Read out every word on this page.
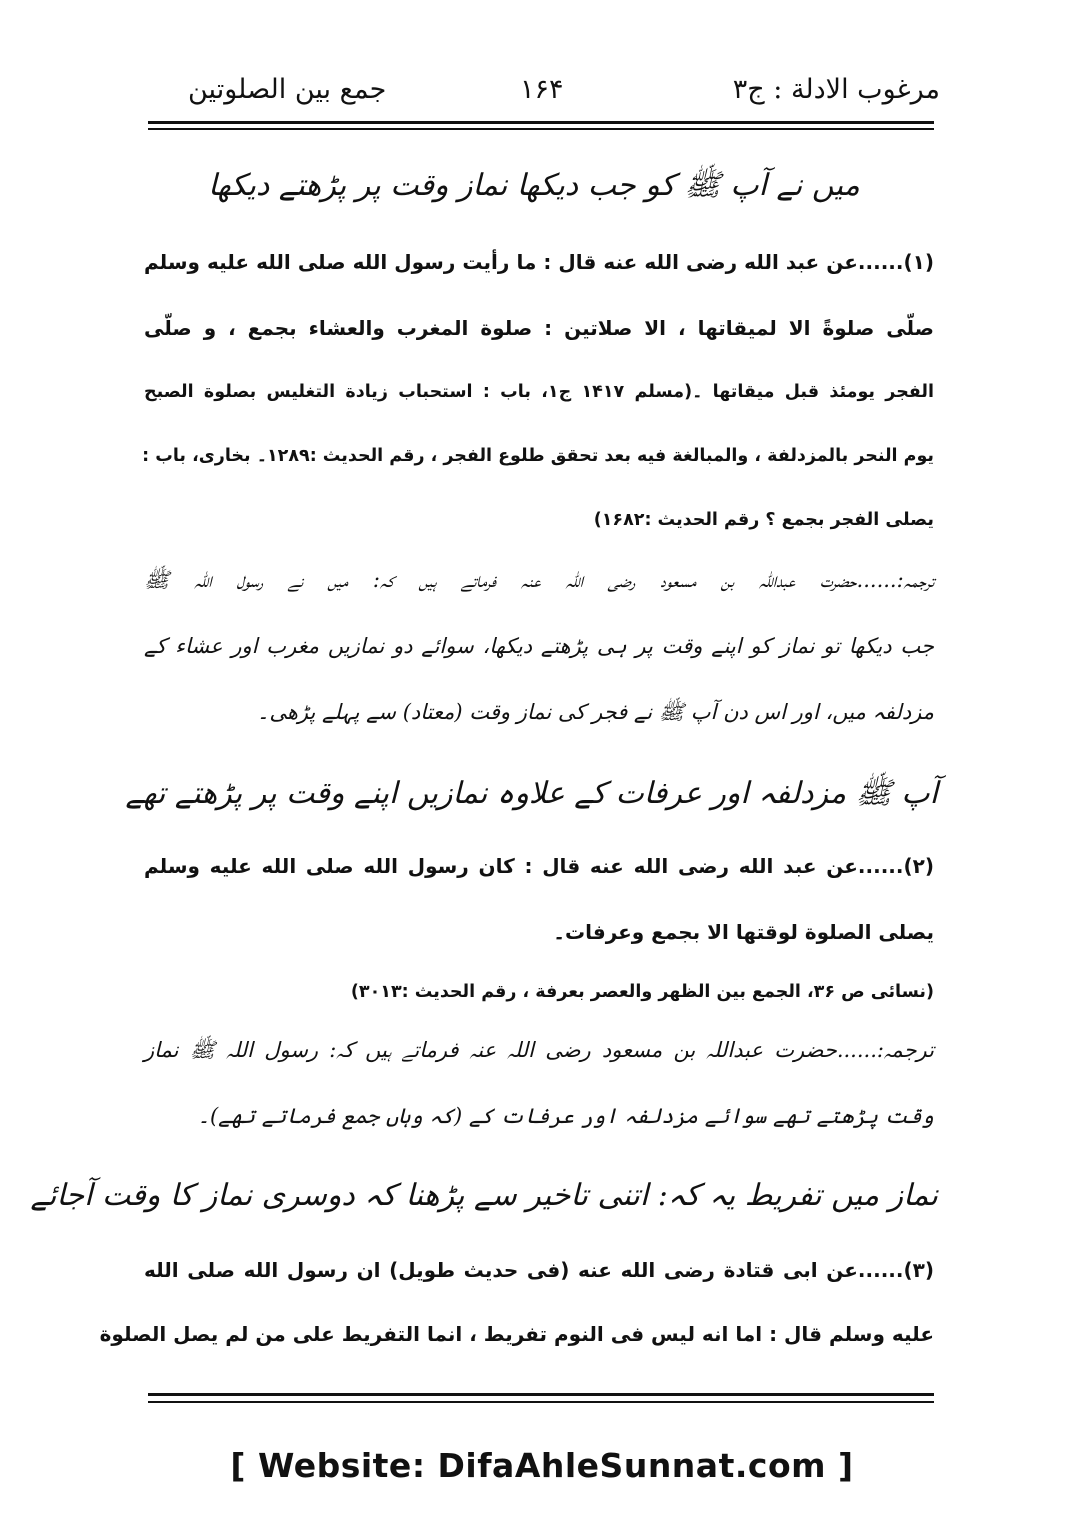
مرغوب الادلة : ج۳
۱۶۴
جمع بین الصلوتین
میں نے آپ ﷺ کو جب دیکھا نماز وقت پر پڑھتے دیکھا
(۱)......عن عبد الله رضی الله عنه قال : ما رأيت رسول الله صلی الله عليه وسلم
صلّی صلوةً الا لميقاتها ، الا صلاتين : صلوة المغرب والعشاء بجمع ، و صلّی
الفجر يومئذ قبل ميقاتها ۔(مسلم ۱۴۱۷ ج۱، باب : استحباب زيادة التغليس بصلوة الصبح
يوم النحر بالمزدلفة ، والمبالغة فيه بعد تحقق طلوع الفجر ، رقم الحديث :۱۲۸۹۔ بخاری، باب :
يصلی الفجر بجمع ؟ رقم الحديث :۱۶۸۲)
ترجمہ:......حضرت عبداللہ بن مسعود رضی اللہ عنہ فرماتے ہیں کہ: میں نے رسول اللہ ﷺ
جب دیکھا تو نماز کو اپنے وقت پر ہی پڑھتے دیکھا، سوائے دو نمازیں مغرب اور عشاء کے
مزدلفہ میں، اور اس دن آپ ﷺ نے فجر کی نماز وقت (معتاد) سے پہلے پڑھی۔
آپ ﷺ مزدلفہ اور عرفات کے علاوہ نمازیں اپنے وقت پر پڑھتے تھے
(۲)......عن عبد الله رضی الله عنه قال : كان رسول الله صلی الله عليه وسلم
يصلی الصلوة لوقتها الا بجمع وعرفات۔
(نسائی ص ۳۶، الجمع بين الظهر والعصر بعرفة ، رقم الحديث :۳۰۱۳)
ترجمہ:......حضرت عبداللہ بن مسعود رضی اللہ عنہ فرماتے ہیں کہ: رسول اللہ ﷺ نماز
وقت پڑھتے تھے سوائے مزدلفہ اور عرفات کے (کہ وہاں جمع فرماتے تھے)۔
نماز میں تفریط یہ کہ: اتنی تاخیر سے پڑھنا کہ دوسری نماز کا وقت آجائے
(۳)......عن ابی قتادة رضی الله عنه (فی حديث طويل) ان رسول الله صلی الله
عليه وسلم قال : اما انه ليس فی النوم تفريط ، انما التفريط علی من لم يصل الصلوة
[ Website: DifaAhleSunnat.com ]
